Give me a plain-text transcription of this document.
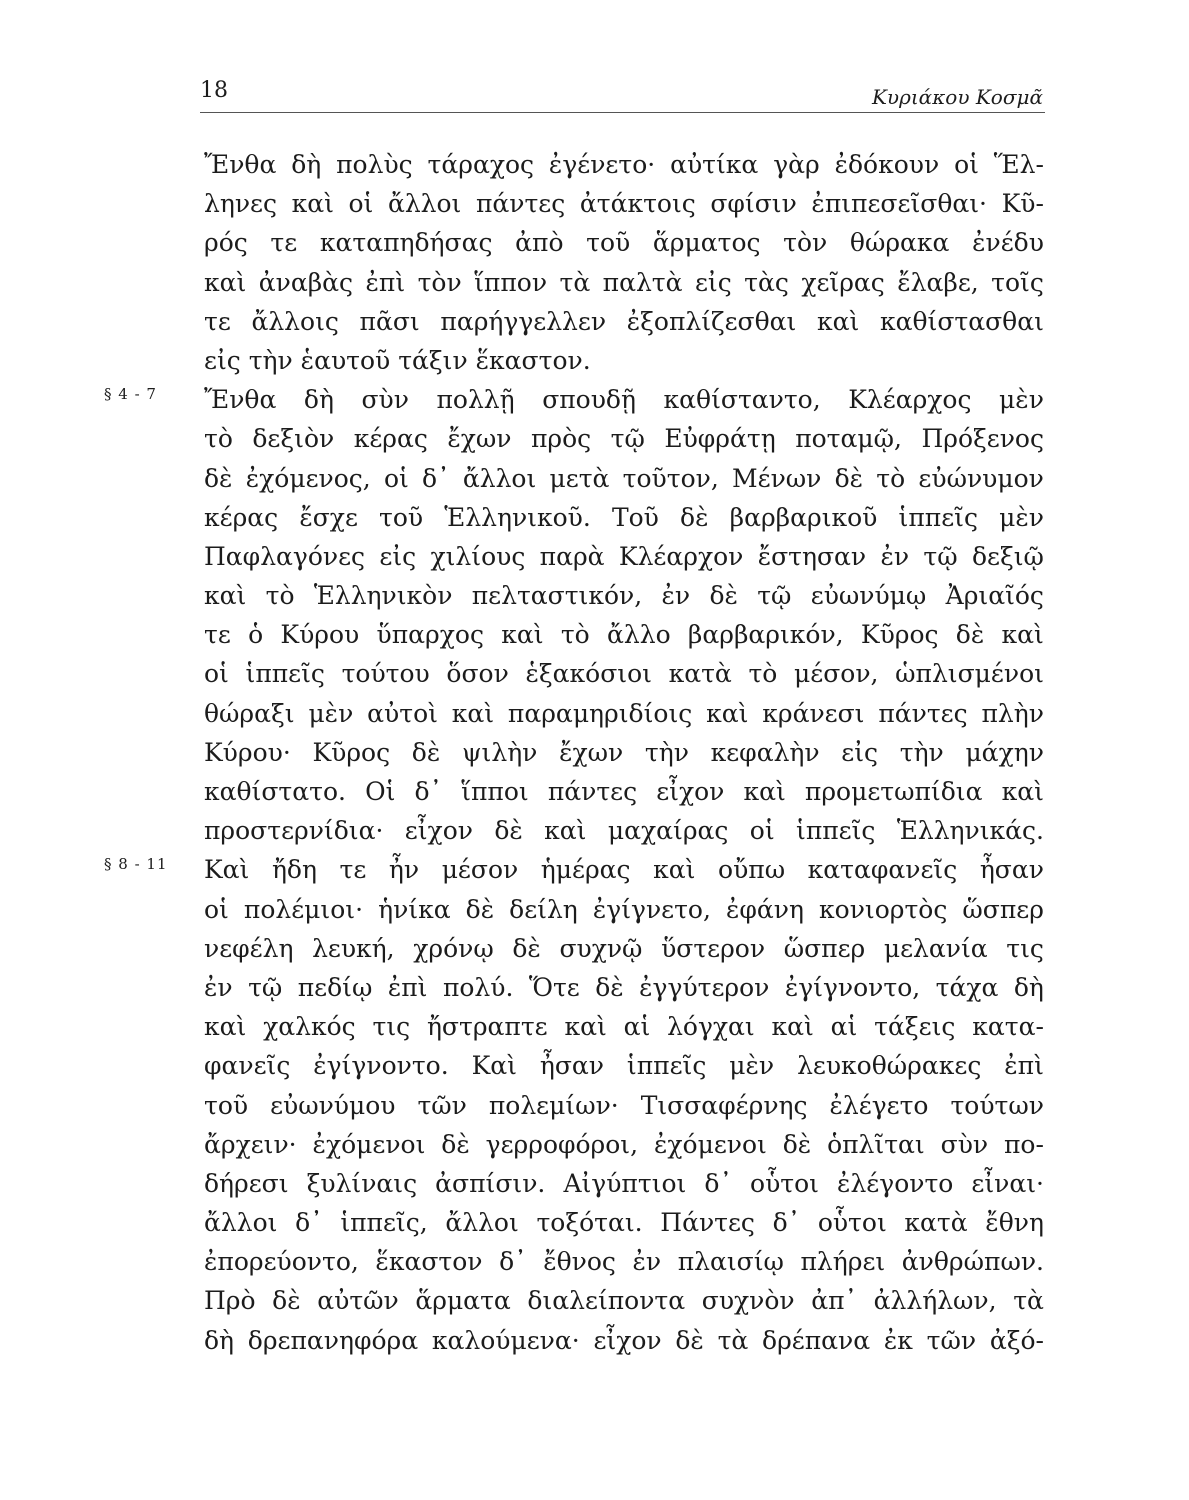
18	Κυριάκου Κοσμᾶ
Ἔνθα δὴ πολὺς τάραχος ἐγένετο· αὐτίκα γὰρ ἐδόκουν οἱ Ἕλ-
ληνες καὶ οἱ ἄλλοι πάντες ἀτάκτοις σφίσιν ἐπιπεσεῖσθαι· Κῦ-
ρός τε καταπηδήσας ἀπὸ τοῦ ἅρματος τὸν θώρακα ἐνέδυ
καὶ ἀναβὰς ἐπὶ τὸν ἵππον τὰ παλτὰ εἰς τὰς χεῖρας ἔλαβε, τοῖς
τε ἄλλοις πᾶσι παρήγγελλεν ἐξοπλίζεσθαι καὶ καθίστασθαι
εἰς τὴν ἑαυτοῦ τάξιν ἕκαστον.
§ 4 - 7 Ἔνθα δὴ σὺν πολλῇ σπουδῇ καθίσταντο, Κλέαρχος μὲν
τὸ δεξιὸν κέρας ἔχων πρὸς τῷ Εὐφράτῃ ποταμῷ, Πρόξενος
δὲ ἐχόμενος, οἱ δ᾽ ἄλλοι μετὰ τοῦτον, Μένων δὲ τὸ εὐώνυμον
κέρας ἔσχε τοῦ Ἑλληνικοῦ. Τοῦ δὲ βαρβαρικοῦ ἱππεῖς μὲν
Παφλαγόνες εἰς χιλίους παρὰ Κλέαρχον ἔστησαν ἐν τῷ δεξιῷ
καὶ τὸ Ἑλληνικὸν πελταστικόν, ἐν δὲ τῷ εὐωνύμῳ Ἀριαῖός
τε ὁ Κύρου ὕπαρχος καὶ τὸ ἄλλο βαρβαρικόν, Κῦρος δὲ καὶ
οἱ ἱππεῖς τούτου ὅσον ἑξακόσιοι κατὰ τὸ μέσον, ὡπλισμένοι
θώραξι μὲν αὐτοὶ καὶ παραμηριδίοις καὶ κράνεσι πάντες πλὴν
Κύρου· Κῦρος δὲ ψιλὴν ἔχων τὴν κεφαλὴν εἰς τὴν μάχην
καθίστατο. Οἱ δ᾽ ἵπποι πάντες εἶχον καὶ προμετωπίδια καὶ
προστερνίδια· εἶχον δὲ καὶ μαχαίρας οἱ ἱππεῖς Ἑλληνικάς.
§ 8 - 11 Καὶ ἤδη τε ἦν μέσον ἡμέρας καὶ οὔπω καταφανεῖς ἦσαν
οἱ πολέμιοι· ἡνίκα δὲ δείλη ἐγίγνετο, ἐφάνη κονιορτὸς ὥσπερ
νεφέλη λευκή, χρόνῳ δὲ συχνῷ ὕστερον ὥσπερ μελανία τις
ἐν τῷ πεδίῳ ἐπὶ πολύ. Ὅτε δὲ ἐγγύτερον ἐγίγνοντο, τάχα δὴ
καὶ χαλκός τις ἤστραπτε καὶ αἱ λόγχαι καὶ αἱ τάξεις κατα-
φανεῖς ἐγίγνοντο. Καὶ ἦσαν ἱππεῖς μὲν λευκοθώρακες ἐπὶ
τοῦ εὐωνύμου τῶν πολεμίων· Τισσαφέρνης ἐλέγετο τούτων
ἄρχειν· ἐχόμενοι δὲ γερροφόροι, ἐχόμενοι δὲ ὁπλῖται σὺν πο-
δήρεσι ξυλίναις ἀσπίσιν. Αἰγύπτιοι δ᾽ οὗτοι ἐλέγοντο εἶναι·
ἄλλοι δ᾽ ἱππεῖς, ἄλλοι τοξόται. Πάντες δ᾽ οὗτοι κατὰ ἔθνη
ἐπορεύοντο, ἕκαστον δ᾽ ἔθνος ἐν πλαισίῳ πλήρει ἀνθρώπων.
Πρὸ δὲ αὐτῶν ἅρματα διαλείποντα συχνὸν ἀπ᾽ ἀλλήλων, τὰ
δὴ δρεπανηφόρα καλούμενα· εἶχον δὲ τὰ δρέπανα ἐκ τῶν ἀξό-
